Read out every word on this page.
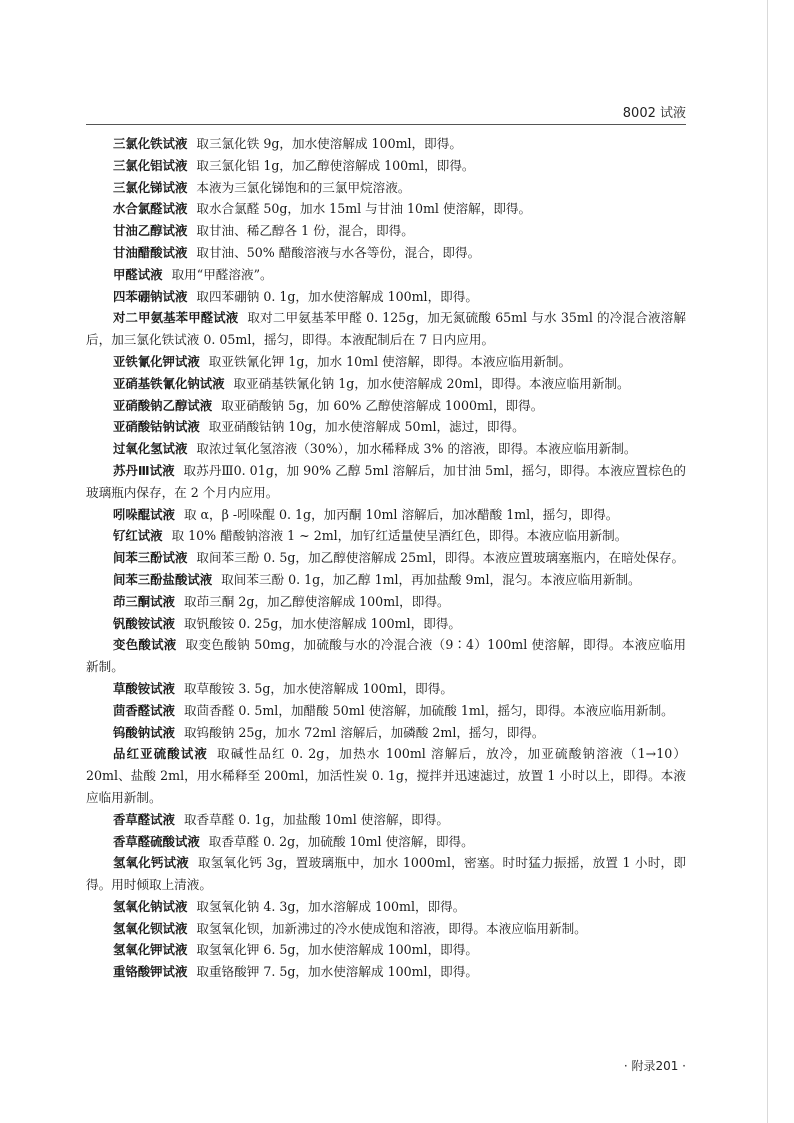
8002 试液

三氯化铁试液 取三氯化铁 9g，加水使溶解成 100ml，即得。

三氯化铝试液 取三氯化铝 1g，加乙醇使溶解成 100ml，即得。

三氯化锑试液 本液为三氯化锑饱和的三氯甲烷溶液。

水合氯醛试液 取水合氯醛 50g，加水 15ml 与甘油 10ml 使溶解，即得。

甘油乙醇试液 取甘油、稀乙醇各 1 份，混合，即得。

甘油醋酸试液 取甘油、50% 醋酸溶液与水各等份，混合，即得。

甲醛试液 取用“甲醛溶液”。

四苯硼钠试液 取四苯硼钠 0. 1g，加水使溶解成 100ml，即得。

对二甲氨基苯甲醛试液 取对二甲氨基苯甲醛 0. 125g，加无氮硫酸 65ml 与水 35ml 的冷混合液溶解后，加三氯化铁试液 0. 05ml，摇匀，即得。本液配制后在 7 日内应用。

亚铁氰化钾试液 取亚铁氰化钾 1g，加水 10ml 使溶解，即得。本液应临用新制。

亚硝基铁氰化钠试液 取亚硝基铁氰化钠 1g，加水使溶解成 20ml，即得。本液应临用新制。

亚硝酸钠乙醇试液 取亚硝酸钠 5g，加 60% 乙醇使溶解成 1000ml，即得。

亚硝酸钴钠试液 取亚硝酸钴钠 10g，加水使溶解成 50ml，滤过，即得。

过氧化氢试液 取浓过氧化氢溶液（30%），加水稀释成 3% 的溶液，即得。本液应临用新制。

苏丹Ⅲ试液 取苏丹Ⅲ0. 01g，加 90% 乙醇 5ml 溶解后，加甘油 5ml，摇匀，即得。本液应置棕色的玻璃瓶内保存，在 2 个月内应用。

吲哚醌试液 取 α，β -吲哚醌 0. 1g，加丙酮 10ml 溶解后，加冰醋酸 1ml，摇匀，即得。

钌红试液 取 10% 醋酸钠溶液 1 ~ 2ml，加钌红适量使呈酒红色，即得。本液应临用新制。

间苯三酚试液 取间苯三酚 0. 5g，加乙醇使溶解成 25ml，即得。本液应置玻璃塞瓶内，在暗处保存。

间苯三酚盐酸试液 取间苯三酚 0. 1g，加乙醇 1ml，再加盐酸 9ml，混匀。本液应临用新制。

茚三酮试液 取茚三酮 2g，加乙醇使溶解成 100ml，即得。

钒酸铵试液 取钒酸铵 0. 25g，加水使溶解成 100ml，即得。

变色酸试液 取变色酸钠 50mg，加硫酸与水的冷混合液（9∶4）100ml 使溶解，即得。本液应临用新制。

草酸铵试液 取草酸铵 3. 5g，加水使溶解成 100ml，即得。

茴香醛试液 取茴香醛 0. 5ml，加醋酸 50ml 使溶解，加硫酸 1ml，摇匀，即得。本液应临用新制。

钨酸钠试液 取钨酸钠 25g，加水 72ml 溶解后，加磷酸 2ml，摇匀，即得。

品红亚硫酸试液 取碱性品红 0. 2g，加热水 100ml 溶解后，放冷，加亚硫酸钠溶液（1→10）20ml、盐酸 2ml，用水稀释至 200ml，加活性炭 0. 1g，搅拌并迅速滤过，放置 1 小时以上，即得。本液应临用新制。

香草醛试液 取香草醛 0. 1g，加盐酸 10ml 使溶解，即得。

香草醛硫酸试液 取香草醛 0. 2g，加硫酸 10ml 使溶解，即得。

氢氧化钙试液 取氢氧化钙 3g，置玻璃瓶中，加水 1000ml，密塞。时时猛力振摇，放置 1 小时，即得。用时倾取上清液。

氢氧化钠试液 取氢氧化钠 4. 3g，加水溶解成 100ml，即得。

氢氧化钡试液 取氢氧化钡，加新沸过的冷水使成饱和溶液，即得。本液应临用新制。

氢氧化钾试液 取氢氧化钾 6. 5g，加水使溶解成 100ml，即得。

重铬酸钾试液 取重铬酸钾 7. 5g，加水使溶解成 100ml，即得。

· 附录201 ·
